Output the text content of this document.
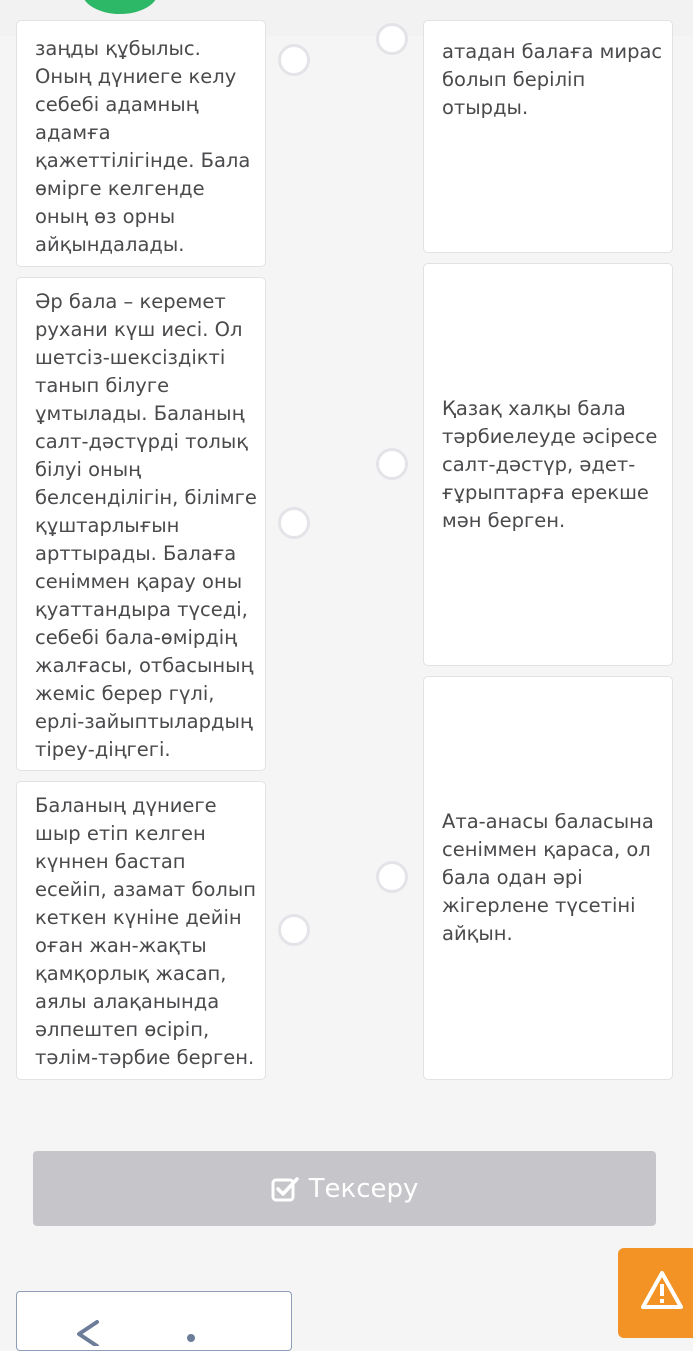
заңды құбылыс.
Оның дүниеге келу
себебі адамның
адамға
қажеттілігінде. Бала
өмірге келгенде
оның өз орны
айқындалады.
Әр бала – керемет
рухани күш иесі. Ол
шетсіз-шексіздікті
танып білуге
ұмтылады. Баланың
салт-дәстүрді толық
білуі оның
белсенділігін, білімге
құштарлығын
арттырады. Балаға
сеніммен қарау оны
қуаттандыра түседі,
себебі бала-өмірдің
жалғасы, отбасының
жеміс берер гүлі,
ерлі-зайыптылардың
тіреу-діңгегі.
Баланың дүниеге
шыр етіп келген
күннен бастап
есейіп, азамат болып
кеткен күніне дейін
оған жан-жақты
қамқорлық жасап,
аялы алақанында
әлпештеп өсіріп,
тәлім-тәрбие берген.
атадан балаға мирас
болып беріліп
отырды.
Қазақ халқы бала
тәрбиелеуде әсіресе
салт-дәстүр, әдет-
ғұрыптарға ерекше
мән берген.
Ата-анасы баласына
сеніммен қараса, ол
бала одан әрі
жігерлене түсетіні
айқын.
Тексеру
